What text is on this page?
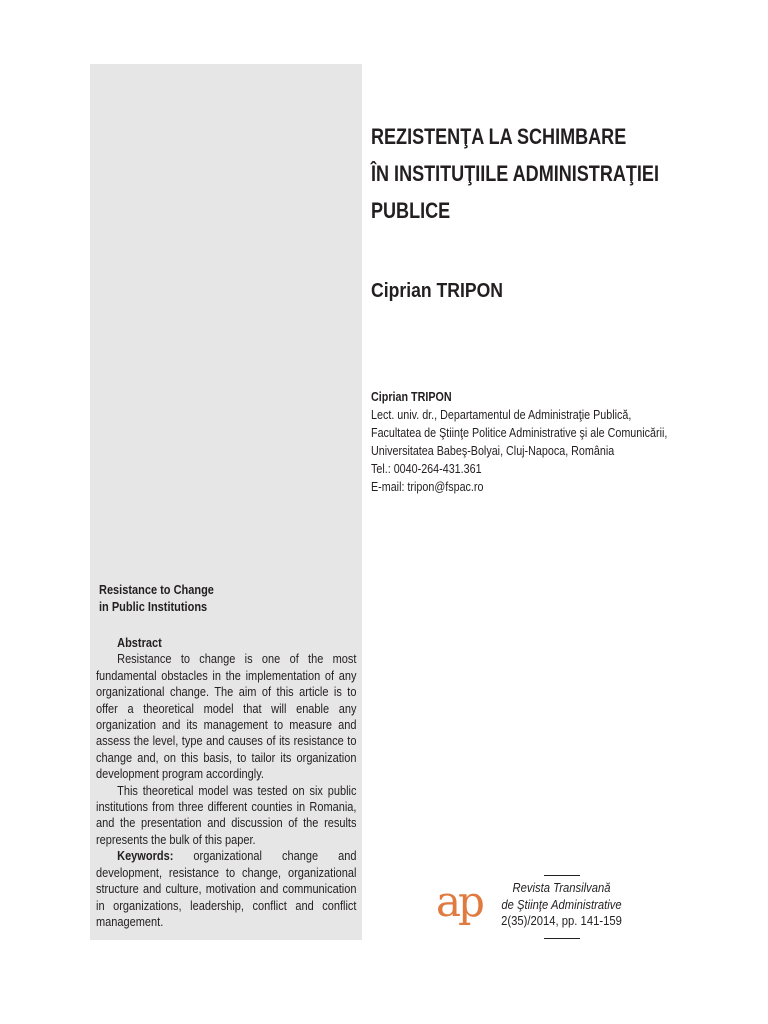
REZISTENŢA LA SCHIMBARE
ÎN INSTITUŢIILE ADMINISTRAŢIEI
PUBLICE
Ciprian TRIPON
Ciprian TRIPON
Lect. univ. dr., Departamentul de Administraţie Publică,
Facultatea de Ştiinţe Politice Administrative şi ale Comunicării,
Universitatea Babeş-Bolyai, Cluj-Napoca, România
Tel.: 0040-264-431.361
E-mail: tripon@fspac.ro
Resistance to Change
in Public Institutions

Abstract

Resistance to change is one of the most fundamental obstacles in the implementation of any organizational change. The aim of this article is to offer a theoretical model that will enable any organization and its management to measure and assess the level, type and causes of its resistance to change and, on this basis, to tailor its organization development program accordingly.

This theoretical model was tested on six public institutions from three different counties in Romania, and the presentation and discussion of the results represents the bulk of this paper.

Keywords: organizational change and development, resistance to change, organizational structure and culture, motivation and communication in organizations, leadership, conflict and conflict management.	ap	Revista Transilvană
de Ştiinţe Administrative
2(35)/2014, pp. 141-159
